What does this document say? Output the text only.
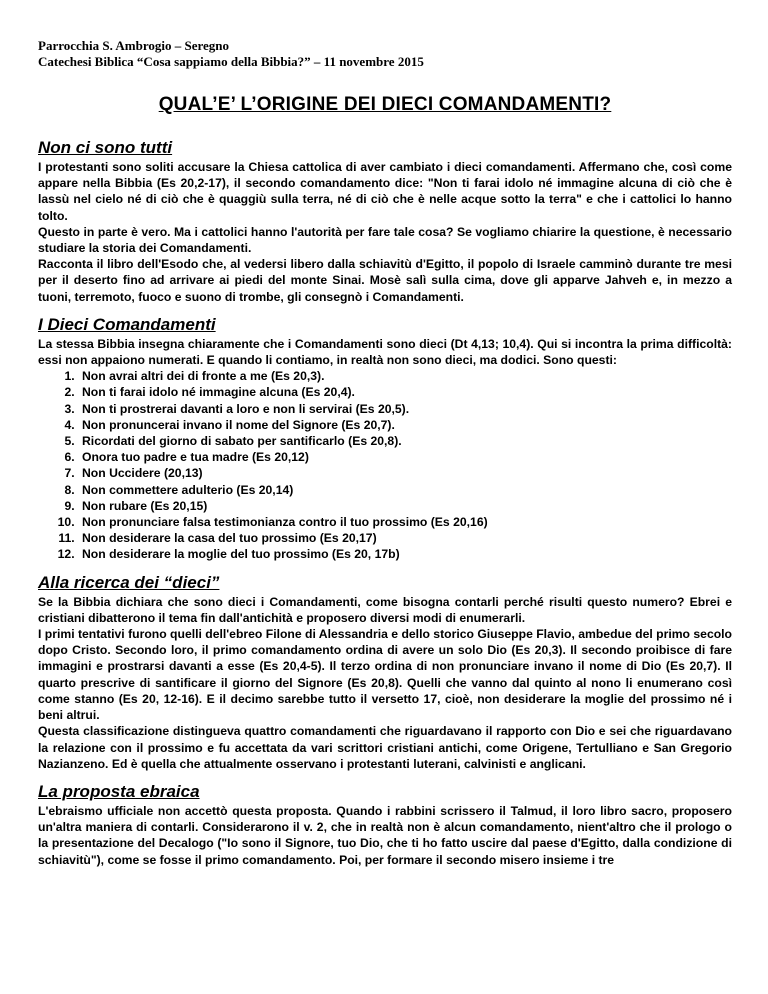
Parrocchia S. Ambrogio – Seregno

Catechesi Biblica “Cosa sappiamo della Bibbia?” – 11 novembre 2015

QUAL’E’ L’ORIGINE DEI DIECI COMANDAMENTI?
Non ci sono tutti

I protestanti sono soliti accusare la Chiesa cattolica di aver cambiato i dieci comandamenti. Affermano che, così come appare nella Bibbia (Es 20,2-17), il secondo comandamento dice: "Non ti farai idolo né immagine alcuna di ciò che è lassù nel cielo né di ciò che è quaggiù sulla terra, né di ciò che è nelle acque sotto la terra" e che i cattolici lo hanno tolto.

Questo in parte è vero. Ma i cattolici hanno l'autorità per fare tale cosa? Se vogliamo chiarire la questione, è necessario studiare la storia dei Comandamenti.

Racconta il libro dell'Esodo che, al vedersi libero dalla schiavitù d'Egitto, il popolo di Israele camminò durante tre mesi per il deserto fino ad arrivare ai piedi del monte Sinai. Mosè salì sulla cima, dove gli apparve Jahveh e, in mezzo a tuoni, terremoto, fuoco e suono di trombe, gli consegnò i Comandamenti.

I Dieci Comandamenti

La stessa Bibbia insegna chiaramente che i Comandamenti sono dieci (Dt 4,13; 10,4). Qui si incontra la prima difficoltà: essi non appaiono numerati. E quando li contiamo, in realtà non sono dieci, ma dodici. Sono questi:

1. Non avrai altri dei di fronte a me (Es 20,3).
2. Non ti farai idolo né immagine alcuna (Es 20,4).
3. Non ti prostrerai davanti a loro e non li servirai (Es 20,5).
4. Non pronuncerai invano il nome del Signore (Es 20,7).
5. Ricordati del giorno di sabato per santificarlo (Es 20,8).
6. Onora tuo padre e tua madre (Es 20,12)
7. Non Uccidere (20,13)
8. Non commettere adulterio (Es 20,14)
9. Non rubare (Es 20,15)
10. Non pronunciare falsa testimonianza contro il tuo prossimo (Es 20,16)
11. Non desiderare la casa del tuo prossimo (Es 20,17)
12. Non desiderare la moglie del tuo prossimo (Es 20, 17b)
Alla ricerca dei “dieci”

Se la Bibbia dichiara che sono dieci i Comandamenti, come bisogna contarli perché risulti questo numero? Ebrei e cristiani dibatterono il tema fin dall'antichità e proposero diversi modi di enumerarli.

I primi tentativi furono quelli dell'ebreo Filone di Alessandria e dello storico Giuseppe Flavio, ambedue del primo secolo dopo Cristo. Secondo loro, il primo comandamento ordina di avere un solo Dio (Es 20,3). Il secondo proibisce di fare immagini e prostrarsi davanti a esse (Es 20,4-5). Il terzo ordina di non pronunciare invano il nome di Dio (Es 20,7). Il quarto prescrive di santificare il giorno del Signore (Es 20,8). Quelli che vanno dal quinto al nono li enumerano così come stanno (Es 20, 12-16). E il decimo sarebbe tutto il versetto 17, cioè, non desiderare la moglie del prossimo né i beni altrui.

Questa classificazione distingueva quattro comandamenti che riguardavano il rapporto con Dio e sei che riguardavano la relazione con il prossimo e fu accettata da vari scrittori cristiani antichi, come Origene, Tertulliano e San Gregorio Nazianzeno. Ed è quella che attualmente osservano i protestanti luterani, calvinisti e anglicani.

La proposta ebraica

L'ebraismo ufficiale non accettò questa proposta. Quando i rabbini scrissero il Talmud, il loro libro sacro, proposero un'altra maniera di contarli. Considerarono il v. 2, che in realtà non è alcun comandamento, nient'altro che il prologo o la presentazione del Decalogo ("Io sono il Signore, tuo Dio, che ti ho fatto uscire dal paese d'Egitto, dalla condizione di schiavitù"), come se fosse il primo comandamento. Poi, per formare il secondo misero insieme i tre
